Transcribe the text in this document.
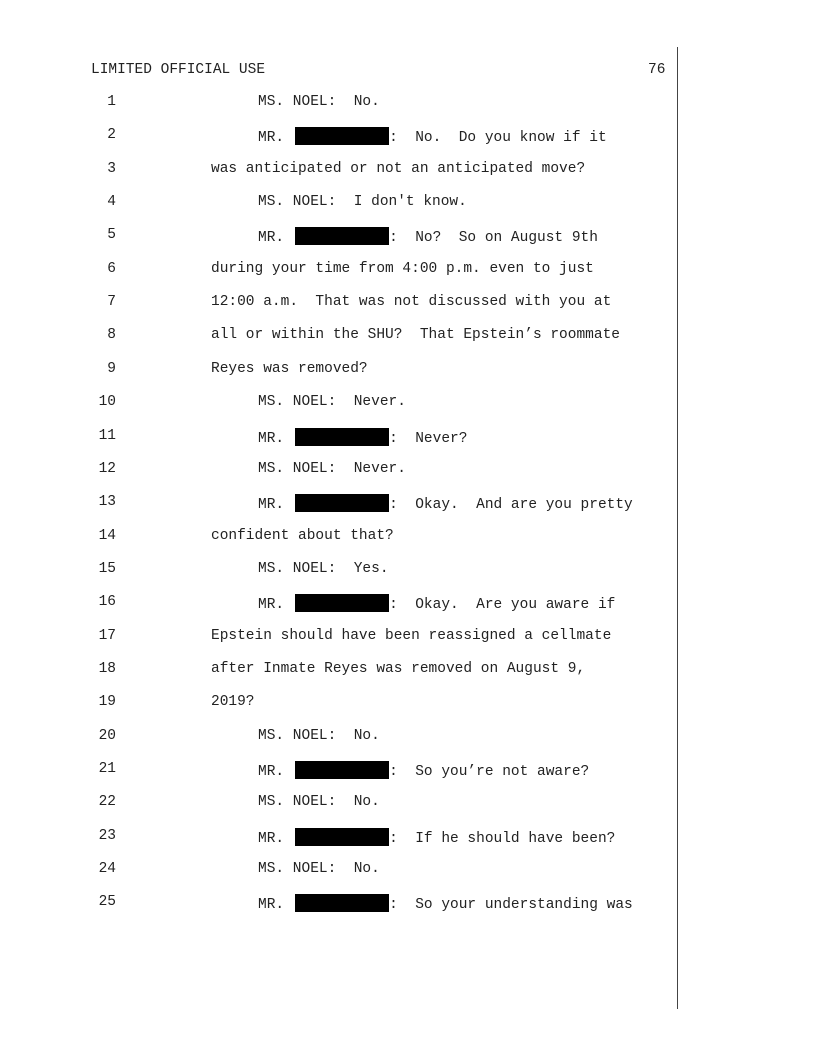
LIMITED OFFICIAL USE	76
1	MS. NOEL:  No.
2	MR.	:  No.  Do you know if it
3	was anticipated or not an anticipated move?
4	MS. NOEL:  I don't know.
5	MR.	:  No?  So on August 9th
6	during your time from 4:00 p.m. even to just
7	12:00 a.m.  That was not discussed with you at
8	all or within the SHU?  That Epstein’s roommate
9	Reyes was removed?
10	MS. NOEL:  Never.
11	MR.	:  Never?
12	MS. NOEL:  Never.
13	MR.	:  Okay.  And are you pretty
14	confident about that?
15	MS. NOEL:  Yes.
16	MR.	:  Okay.  Are you aware if
17	Epstein should have been reassigned a cellmate
18	after Inmate Reyes was removed on August 9,
19	2019?
20	MS. NOEL:  No.
21	MR.	:  So you’re not aware?
22	MS. NOEL:  No.
23	MR.	:  If he should have been?
24	MS. NOEL:  No.
25	MR.	:  So your understanding was
